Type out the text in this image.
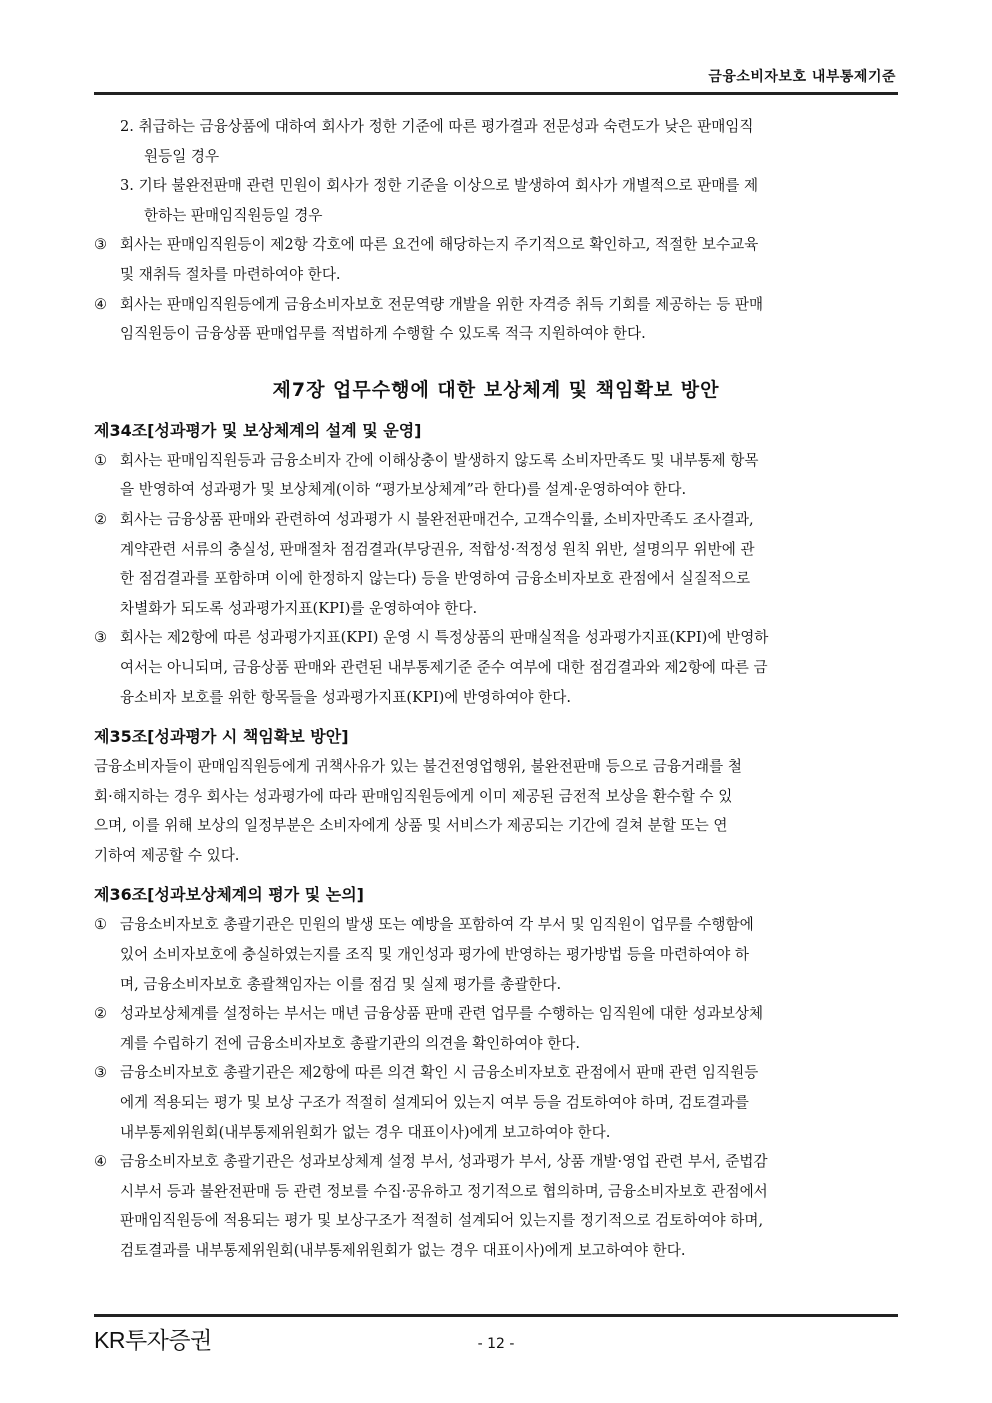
금융소비자보호 내부통제기준
2. 취급하는 금융상품에 대하여 회사가 정한 기준에 따른 평가결과 전문성과 숙련도가 낮은 판매임직
원등일 경우
3. 기타 불완전판매 관련 민원이 회사가 정한 기준을 이상으로 발생하여 회사가 개별적으로 판매를 제
한하는 판매임직원등일 경우
③ 회사는 판매임직원등이 제2항 각호에 따른 요건에 해당하는지 주기적으로 확인하고, 적절한 보수교육
및 재취득 절차를 마련하여야 한다.
④ 회사는 판매임직원등에게 금융소비자보호 전문역량 개발을 위한 자격증 취득 기회를 제공하는 등 판매
임직원등이 금융상품 판매업무를 적법하게 수행할 수 있도록 적극 지원하여야 한다.
제7장 업무수행에 대한 보상체계 및 책임확보 방안
제34조[성과평가 및 보상체계의 설계 및 운영]
① 회사는 판매임직원등과 금융소비자 간에 이해상충이 발생하지 않도록 소비자만족도 및 내부통제 항목
을 반영하여 성과평가 및 보상체계(이하 “평가보상체계”라 한다)를 설계·운영하여야 한다.
② 회사는 금융상품 판매와 관련하여 성과평가 시 불완전판매건수, 고객수익률, 소비자만족도 조사결과,
계약관련 서류의 충실성, 판매절차 점검결과(부당권유, 적합성·적정성 원칙 위반, 설명의무 위반에 관
한 점검결과를 포함하며 이에 한정하지 않는다) 등을 반영하여 금융소비자보호 관점에서 실질적으로
차별화가 되도록 성과평가지표(KPI)를 운영하여야 한다.
③ 회사는 제2항에 따른 성과평가지표(KPI) 운영 시 특정상품의 판매실적을 성과평가지표(KPI)에 반영하
여서는 아니되며, 금융상품 판매와 관련된 내부통제기준 준수 여부에 대한 점검결과와 제2항에 따른 금
융소비자 보호를 위한 항목들을 성과평가지표(KPI)에 반영하여야 한다.
제35조[성과평가 시 책임확보 방안]
금융소비자들이 판매임직원등에게 귀책사유가 있는 불건전영업행위, 불완전판매 등으로 금융거래를 철
회·해지하는 경우 회사는 성과평가에 따라 판매임직원등에게 이미 제공된 금전적 보상을 환수할 수 있
으며, 이를 위해 보상의 일정부분은 소비자에게 상품 및 서비스가 제공되는 기간에 걸쳐 분할 또는 연
기하여 제공할 수 있다.
제36조[성과보상체계의 평가 및 논의]
① 금융소비자보호 총괄기관은 민원의 발생 또는 예방을 포함하여 각 부서 및 임직원이 업무를 수행함에
있어 소비자보호에 충실하였는지를 조직 및 개인성과 평가에 반영하는 평가방법 등을 마련하여야 하
며, 금융소비자보호 총괄책임자는 이를 점검 및 실제 평가를 총괄한다.
② 성과보상체계를 설정하는 부서는 매년 금융상품 판매 관련 업무를 수행하는 임직원에 대한 성과보상체
계를 수립하기 전에 금융소비자보호 총괄기관의 의견을 확인하여야 한다.
③ 금융소비자보호 총괄기관은 제2항에 따른 의견 확인 시 금융소비자보호 관점에서 판매 관련 임직원등
에게 적용되는 평가 및 보상 구조가 적절히 설계되어 있는지 여부 등을 검토하여야 하며, 검토결과를
내부통제위원회(내부통제위원회가 없는 경우 대표이사)에게 보고하여야 한다.
④ 금융소비자보호 총괄기관은 성과보상체계 설정 부서, 성과평가 부서, 상품 개발·영업 관련 부서, 준법감
시부서 등과 불완전판매 등 관련 정보를 수집·공유하고 정기적으로 협의하며, 금융소비자보호 관점에서
판매임직원등에 적용되는 평가 및 보상구조가 적절히 설계되어 있는지를 정기적으로 검토하여야 하며,
검토결과를 내부통제위원회(내부통제위원회가 없는 경우 대표이사)에게 보고하여야 한다.
KR투자증권	- 12 -
